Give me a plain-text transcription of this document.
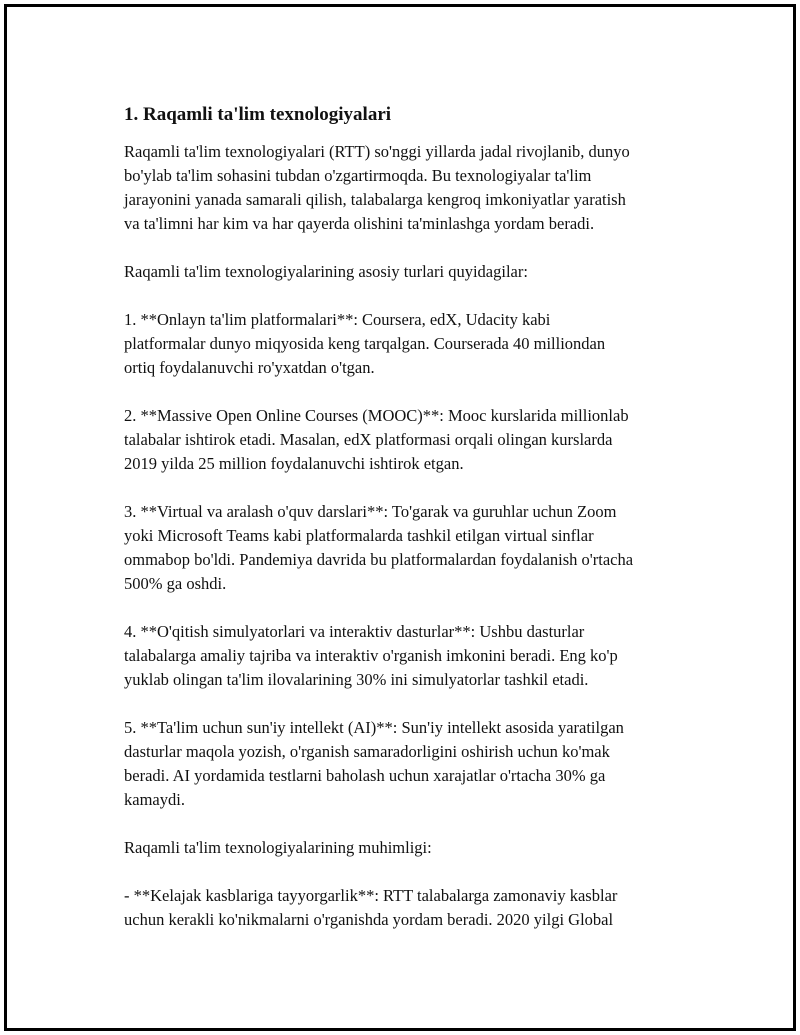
1. Raqamli ta'lim texnologiyalari

Raqamli ta'lim texnologiyalari (RTT) so'nggi yillarda jadal rivojlanib, dunyo
bo'ylab ta'lim sohasini tubdan o'zgartirmoqda. Bu texnologiyalar ta'lim
jarayonini yanada samarali qilish, talabalarga kengroq imkoniyatlar yaratish
va ta'limni har kim va har qayerda olishini ta'minlashga yordam beradi.

Raqamli ta'lim texnologiyalarining asosiy turlari quyidagilar:

1. **Onlayn ta'lim platformalari**: Coursera, edX, Udacity kabi
platformalar dunyo miqyosida keng tarqalgan. Courserada 40 milliondan
ortiq foydalanuvchi ro'yxatdan o'tgan.

2. **Massive Open Online Courses (MOOC)**: Mooc kurslarida millionlab
talabalar ishtirok etadi. Masalan, edX platformasi orqali olingan kurslarda
2019 yilda 25 million foydalanuvchi ishtirok etgan.

3. **Virtual va aralash o'quv darslari**: To'garak va guruhlar uchun Zoom
yoki Microsoft Teams kabi platformalarda tashkil etilgan virtual sinflar
ommabop bo'ldi. Pandemiya davrida bu platformalardan foydalanish o'rtacha
500% ga oshdi.

4. **O'qitish simulyatorlari va interaktiv dasturlar**: Ushbu dasturlar
talabalarga amaliy tajriba va interaktiv o'rganish imkonini beradi. Eng ko'p
yuklab olingan ta'lim ilovalarining 30% ini simulyatorlar tashkil etadi.

5. **Ta'lim uchun sun'iy intellekt (AI)**: Sun'iy intellekt asosida yaratilgan
dasturlar maqola yozish, o'rganish samaradorligini oshirish uchun ko'mak
beradi. AI yordamida testlarni baholash uchun xarajatlar o'rtacha 30% ga
kamaydi.

Raqamli ta'lim texnologiyalarining muhimligi:

- **Kelajak kasblariga tayyorgarlik**: RTT talabalarga zamonaviy kasblar
uchun kerakli ko'nikmalarni o'rganishda yordam beradi. 2020 yilgi Global
